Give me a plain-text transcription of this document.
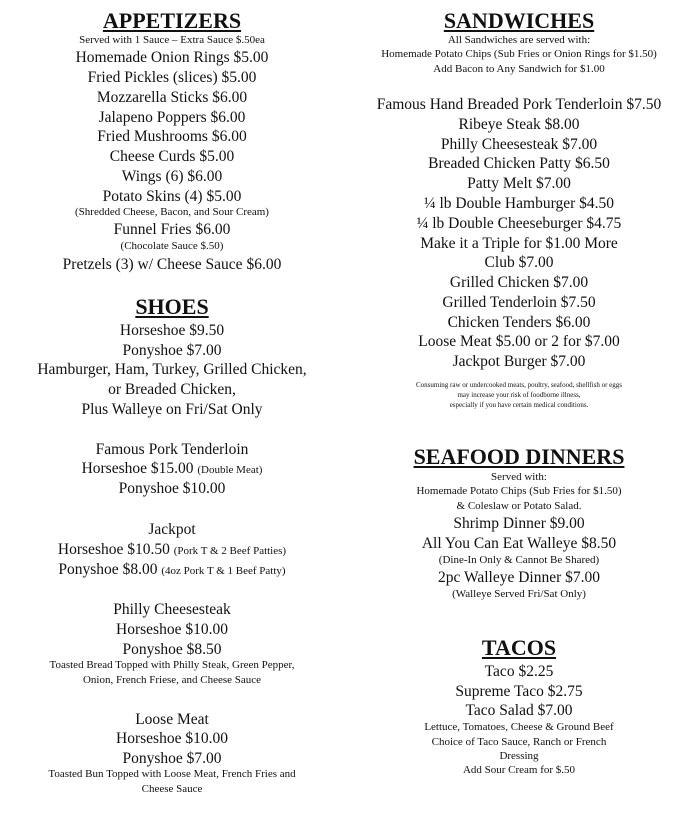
APPETIZERS
Served with 1 Sauce – Extra Sauce $.50ea
Homemade Onion Rings $5.00
Fried Pickles (slices) $5.00
Mozzarella Sticks $6.00
Jalapeno Poppers $6.00
Fried Mushrooms $6.00
Cheese Curds $5.00
Wings (6) $6.00
Potato Skins (4) $5.00
(Shredded Cheese, Bacon, and Sour Cream)
Funnel Fries $6.00
(Chocolate Sauce $.50)
Pretzels (3) w/ Cheese Sauce $6.00
SHOES
Horseshoe $9.50
Ponyshoe $7.00
Hamburger, Ham, Turkey, Grilled Chicken,
or Breaded Chicken,
Plus Walleye on Fri/Sat Only
Famous Pork Tenderloin
Horseshoe $15.00 (Double Meat)
Ponyshoe $10.00
Jackpot
Horseshoe $10.50 (Pork T & 2 Beef Patties)
Ponyshoe $8.00 (4oz Pork T & 1 Beef Patty)
Philly Cheesesteak
Horseshoe $10.00
Ponyshoe $8.50
Toasted Bread Topped with Philly Steak, Green Pepper,
Onion, French Friese, and Cheese Sauce
Loose Meat
Horseshoe $10.00
Ponyshoe $7.00
Toasted Bun Topped with Loose Meat, French Fries and
Cheese Sauce
SANDWICHES
All Sandwiches are served with:
Homemade Potato Chips (Sub Fries or Onion Rings for $1.50)
Add Bacon to Any Sandwich for $1.00
Famous Hand Breaded Pork Tenderloin $7.50
Ribeye Steak $8.00
Philly Cheesesteak $7.00
Breaded Chicken Patty $6.50
Patty Melt $7.00
¼ lb Double Hamburger $4.50
¼ lb Double Cheeseburger $4.75
Make it a Triple for $1.00 More
Club $7.00
Grilled Chicken $7.00
Grilled Tenderloin $7.50
Chicken Tenders $6.00
Loose Meat $5.00 or 2 for $7.00
Jackpot Burger $7.00
Consuming raw or undercooked meats, poultry, seafood, shellfish or eggs
may increase your risk of foodborne illness,
especially if you have certain medical conditions.
SEAFOOD DINNERS
Served with:
Homemade Potato Chips (Sub Fries for $1.50)
& Coleslaw or Potato Salad.
Shrimp Dinner $9.00
All You Can Eat Walleye $8.50
(Dine-In Only & Cannot Be Shared)
2pc Walleye Dinner $7.00
(Walleye Served Fri/Sat Only)
TACOS
Taco $2.25
Supreme Taco $2.75
Taco Salad $7.00
Lettuce, Tomatoes, Cheese & Ground Beef
Choice of Taco Sauce, Ranch or French
Dressing
Add Sour Cream for $.50
